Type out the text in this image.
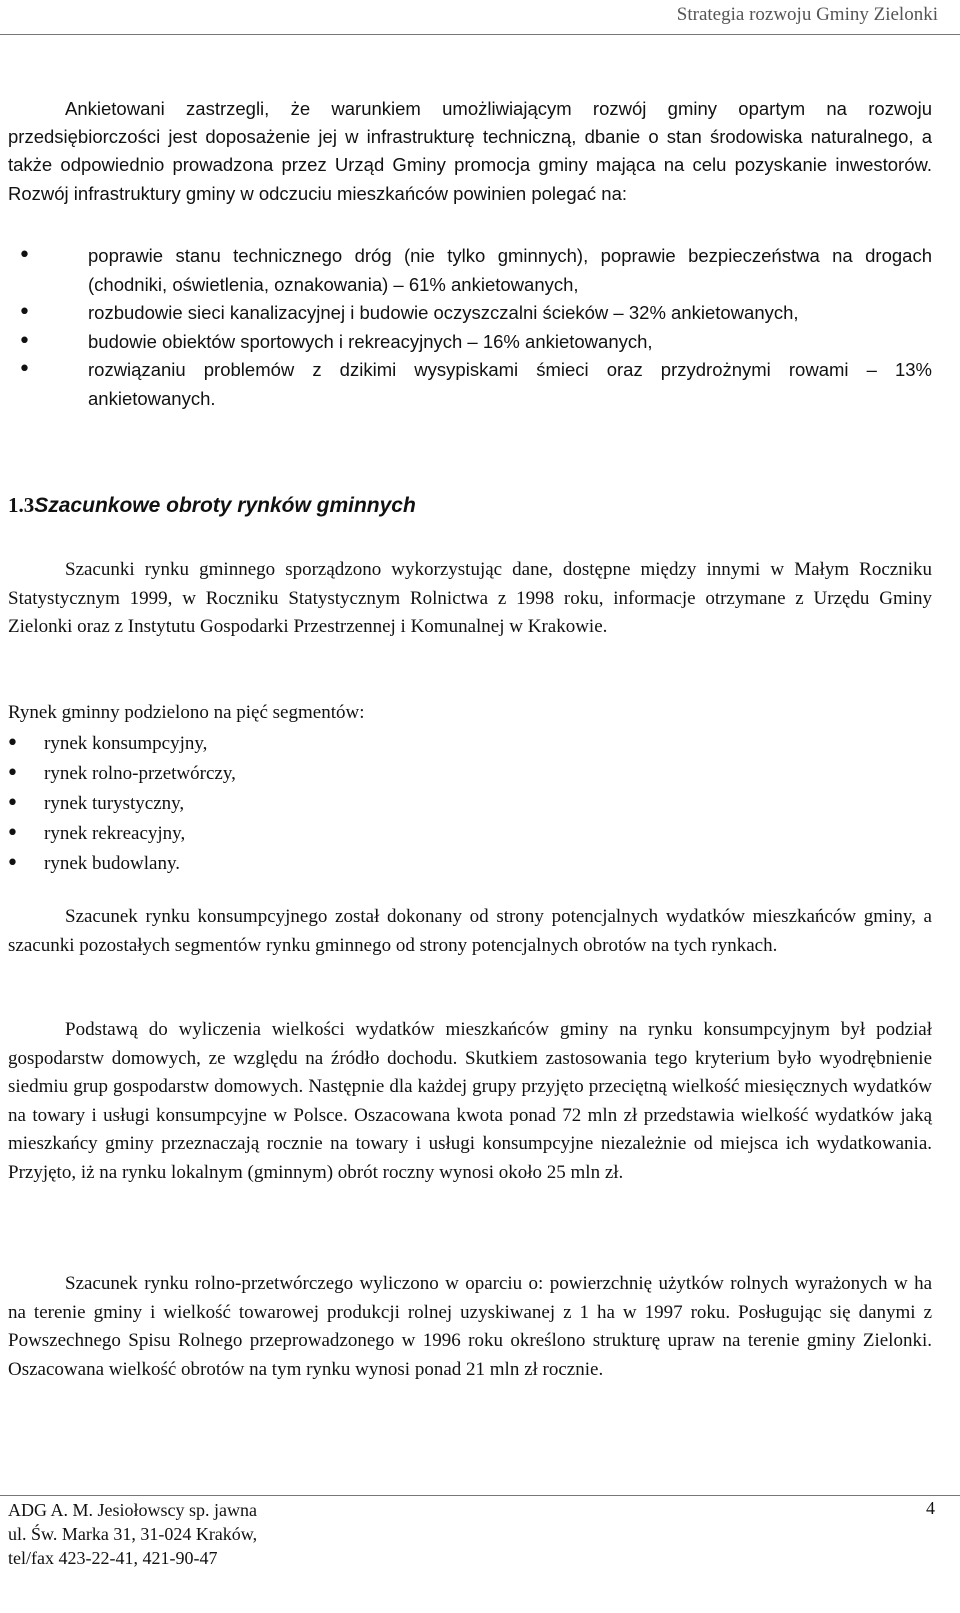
Strategia rozwoju Gminy Zielonki

Ankietowani zastrzegli, że warunkiem umożliwiającym rozwój gminy opartym na rozwoju przedsiębiorczości jest doposażenie jej w infrastrukturę techniczną, dbanie o stan środowiska naturalnego, a także odpowiednio prowadzona przez Urząd Gminy promocja gminy mająca na celu pozyskanie inwestorów. Rozwój infrastruktury gminy w odczuciu mieszkańców powinien polegać na:

• poprawie stanu technicznego dróg (nie tylko gminnych), poprawie bezpieczeństwa na drogach (chodniki, oświetlenia, oznakowania) – 61% ankietowanych,
• rozbudowie sieci kanalizacyjnej i budowie oczyszczalni ścieków – 32% ankietowanych,
• budowie obiektów sportowych i rekreacyjnych – 16% ankietowanych,
• rozwiązaniu problemów z dzikimi wysypiskami śmieci oraz przydrożnymi rowami – 13% ankietowanych.
1.3Szacunkowe obroty rynków gminnych

Szacunki rynku gminnego sporządzono wykorzystując dane, dostępne między innymi w Małym Roczniku Statystycznym 1999, w Roczniku Statystycznym Rolnictwa z 1998 roku, informacje otrzymane z Urzędu Gminy Zielonki oraz z Instytutu Gospodarki Przestrzennej i Komunalnej w Krakowie.

Rynek gminny podzielono na pięć segmentów:

• rynek konsumpcyjny,
• rynek rolno-przetwórczy,
• rynek turystyczny,
• rynek rekreacyjny,
• rynek budowlany.

Szacunek rynku konsumpcyjnego został dokonany od strony potencjalnych wydatków mieszkańców gminy, a szacunki pozostałych segmentów rynku gminnego od strony potencjalnych obrotów na tych rynkach.

Podstawą do wyliczenia wielkości wydatków mieszkańców gminy na rynku konsumpcyjnym był podział gospodarstw domowych, ze względu na źródło dochodu. Skutkiem zastosowania tego kryterium było wyodrębnienie siedmiu grup gospodarstw domowych. Następnie dla każdej grupy przyjęto przeciętną wielkość miesięcznych wydatków na towary i usługi konsumpcyjne w Polsce. Oszacowana kwota ponad 72 mln zł przedstawia wielkość wydatków jaką mieszkańcy gminy przeznaczają rocznie na towary i usługi konsumpcyjne niezależnie od miejsca ich wydatkowania. Przyjęto, iż na rynku lokalnym (gminnym) obrót roczny wynosi około 25 mln zł.

Szacunek rynku rolno-przetwórczego wyliczono w oparciu o: powierzchnię użytków rolnych wyrażonych w ha na terenie gminy i wielkość towarowej produkcji rolnej uzyskiwanej z 1 ha w 1997 roku. Posługując się danymi z Powszechnego Spisu Rolnego przeprowadzonego w 1996 roku określono strukturę upraw na terenie gminy Zielonki. Oszacowana wielkość obrotów na tym rynku wynosi ponad 21 mln zł rocznie.

ADG A. M. Jesiołowscy sp. jawna
ul. Św. Marka 31, 31-024 Kraków,
tel/fax 423-22-41, 421-90-47
4
